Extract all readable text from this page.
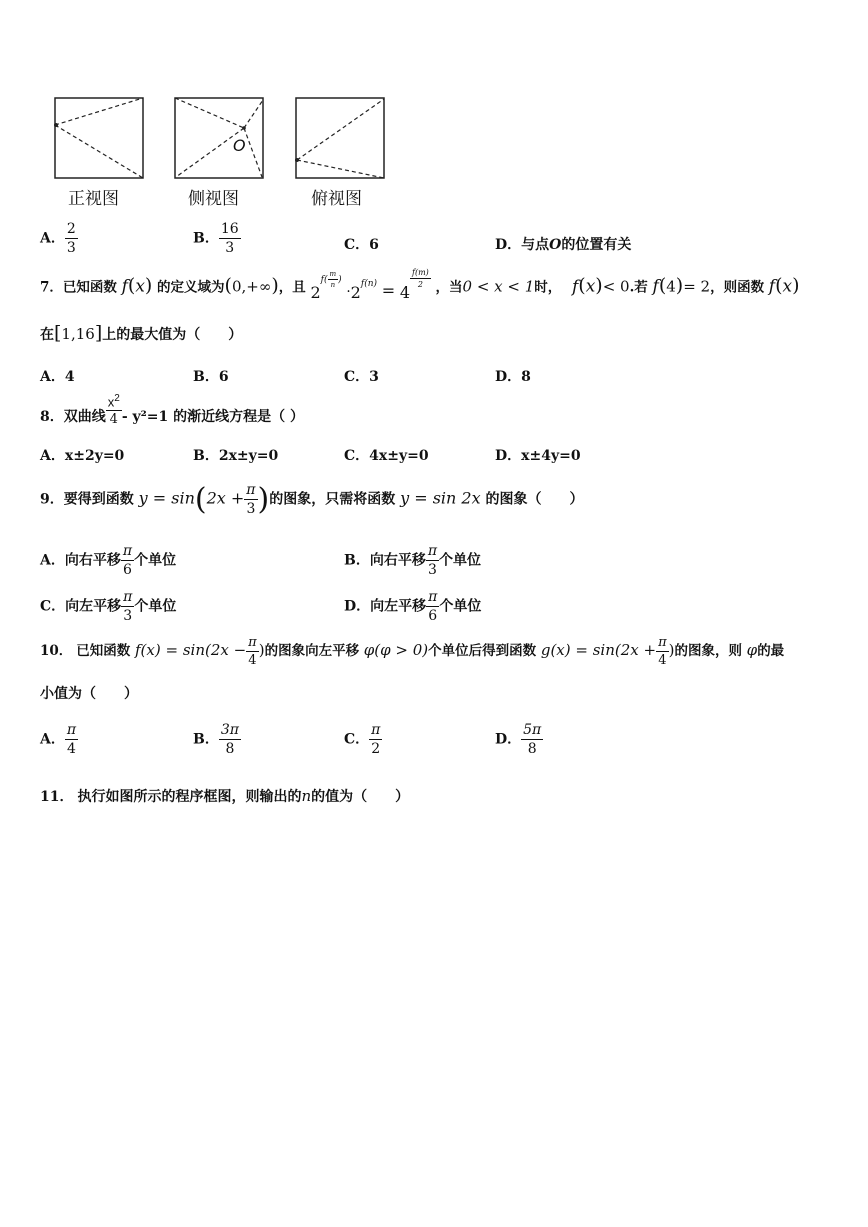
O
正视图	侧视图	俯视图
A． $\frac{2}{3}$	B． $\frac{16}{3}$	C．6	D．与点O的位置有关
7．已知函数 f(x) 的定义域为(0,+∞)，且 $2^{f( \frac{m}{n} )} \cdot 2^{f(n)} = 4$
$\frac{f(m)}{2}$ ，当0 < x < 1时， f(x)< 0.若 f(4)= 2，则函数 f(x)
在[1,16]上的最大值为（　　）
A．4	B．6	C．3	D．8
8．双曲线 $\frac{x^2}{4} - y^2=1$ 的渐近线方程是（ ）
A．x±2y=0	B．2x±y=0	C．4x±y=0	D．x±4y=0
9．要得到函数 $y = \sin(2x + \frac{\pi}{3}$ )的图象，只需将函数 y = sin 2x 的图象（　　）
A．向右平移 $\frac{\pi}{6}$ 个单位	B．向右平移 $\frac{\pi}{3}$ 个单位
C．向左平移 $\frac{\pi}{3}$ 个单位	D．向左平移 $\frac{\pi}{6}$ 个单位
10． 已知函数 $f(x) = \sin(2x - \frac{\pi}{4}$ )的图象向左平移 φ(φ > 0)个单位后得到函数 $g(x) = \sin(2x + \frac{\pi}{4}$ )的图象，则 φ的最
小值为（　　）
A． $\frac{\pi}{4}$	B． $\frac{3\pi}{8}$	C． $\frac{\pi}{2}$	D． $\frac{5\pi}{8}$
11． 执行如图所示的程序框图，则输出的n的值为（　　）
